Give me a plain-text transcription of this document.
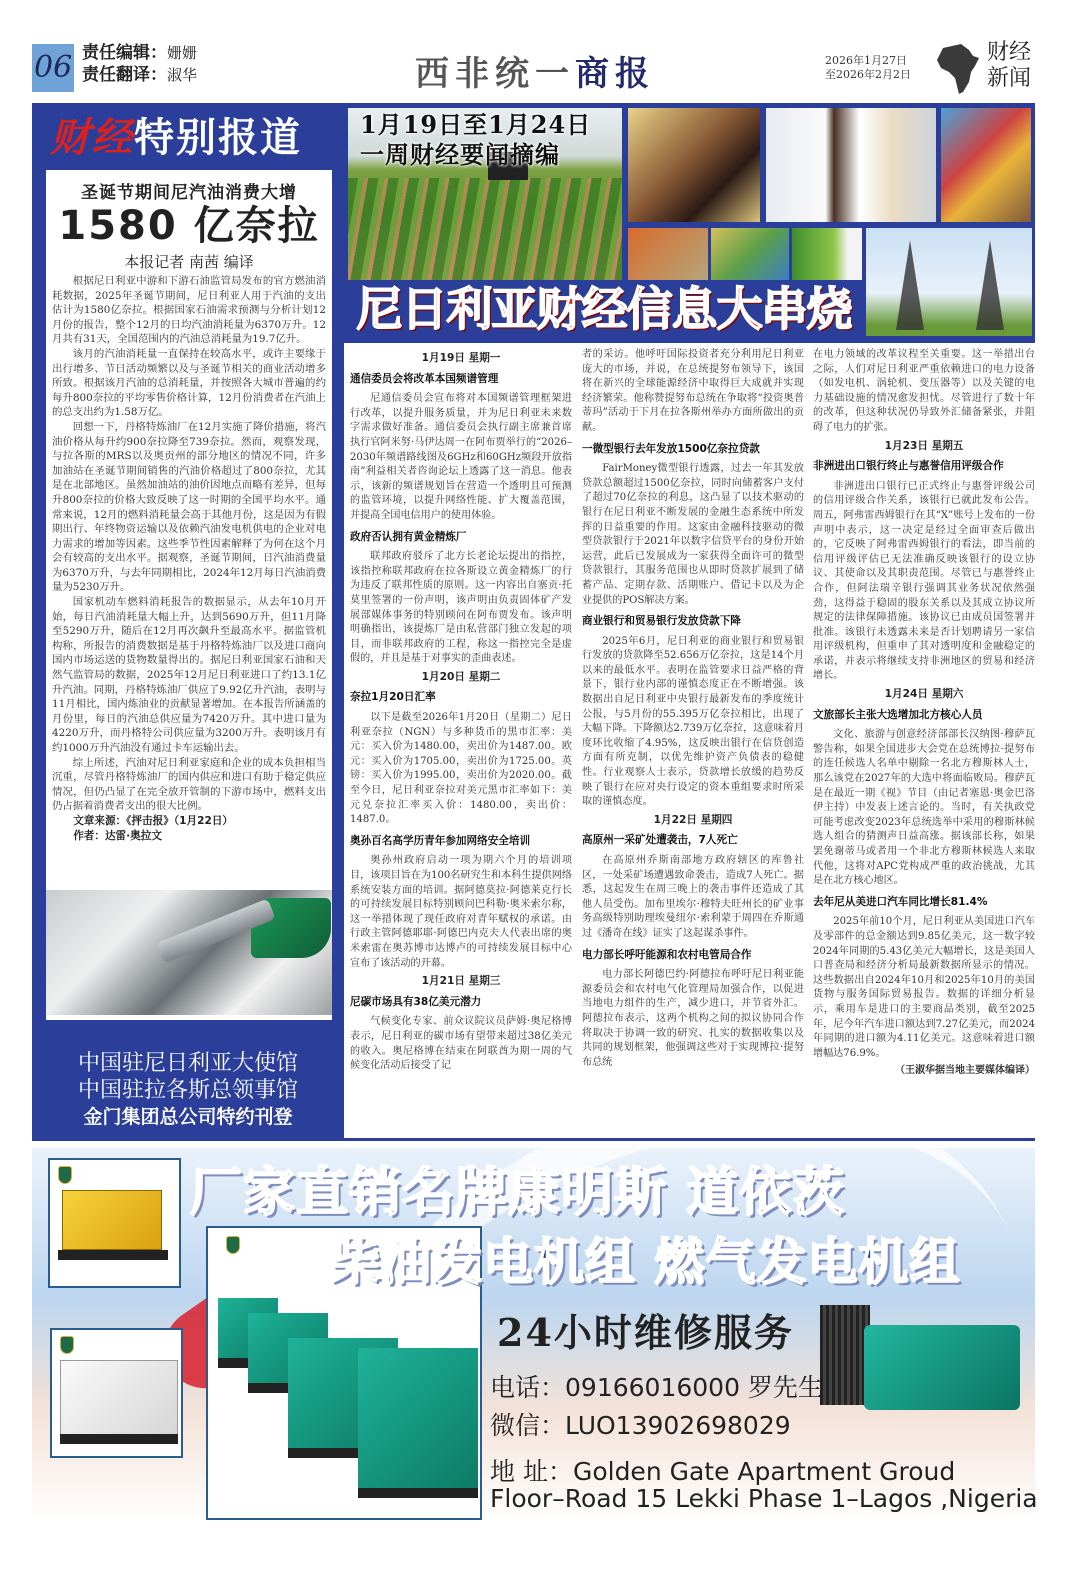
06 责任编辑：姗姗
责任翻译：淑华	西非统一商报	2026年1月27日
至2026年2月2日
财经
新闻
财经特别报道
圣诞节期间尼汽油消费大增
1580 亿奈拉
本报记者 南茜 编译

根据尼日利亚中游和下游石油监管局发布的官方燃油消耗数据，2025年圣诞节期间，尼日利亚人用于汽油的支出估计为1580亿奈拉。根据国家石油需求预测与分析计划12月份的报告，整个12月的日均汽油消耗量为6370万升。12月共有31天，全国范围内的汽油总消耗量为19.7亿升。

该月的汽油消耗量一直保持在较高水平，或许主要缘于出行增多、节日活动频繁以及与圣诞节相关的商业活动增多所致。根据该月汽油的总消耗量，并按照各大城市普遍的约每升800奈拉的平均零售价格计算，12月份消费者在汽油上的总支出约为1.58万亿。

回想一下，丹格特炼油厂在12月实施了降价措施，将汽油价格从每升约900奈拉降至739奈拉。然而，观察发现，与拉各斯的MRS以及奥贡州的部分地区的情况不同，许多加油站在圣诞节期间销售的汽油价格超过了800奈拉，尤其是在北部地区。虽然加油站的油价因地点而略有差异，但每升800奈拉的价格大致反映了这一时期的全国平均水平。通常来说，12月的燃料消耗量会高于其他月份，这是因为有假期出行、年终物资运输以及依赖汽油发电机供电的企业对电力需求的增加等因素。这些季节性因素解释了为何在这个月会有较高的支出水平。据观察，圣诞节期间，日汽油消费量为6370万升，与去年同期相比，2024年12月每日汽油消费量为5230万升。

国家机动车燃料消耗报告的数据显示，从去年10月开始，每日汽油消耗量大幅上升，达到5690万升，但11月降至5290万升，随后在12月再次飙升至最高水平。据监管机构称，所报告的消费数据是基于丹格特炼油厂以及进口商向国内市场运送的货物数量得出的。据尼日利亚国家石油和天然气监管局的数据，2025年12月尼日利亚进口了约13.1亿升汽油。同期，丹格特炼油厂供应了9.92亿升汽油，表明与11月相比，国内炼油业的贡献显著增加。在本报告所涵盖的月份里，每日的汽油总供应量为7420万升。其中进口量为4220万升，而丹格特公司供应量为3200万升。表明该月有约1000万升汽油没有通过卡车运输出去。

综上所述，汽油对尼日利亚家庭和企业的成本负担相当沉重，尽管丹格特炼油厂的国内供应和进口有助于稳定供应情况，但仍凸显了在完全放开管制的下游市场中，燃料支出仍占据着消费者支出的很大比例。

文章来源：《抨击报》（1月22日）
作者：达雷·奥拉文
中国驻尼日利亚大使馆
中国驻拉各斯总领事馆
金门集团总公司特约刊登
1月19日至1月24日
一周财经要闻摘编
尼日利亚财经信息大串烧
1月19日 星期一
通信委员会将改革本国频谱管理

尼通信委员会宣布将对本国频谱管理框架进行改革，以提升服务质量，并为尼日利亚未来数字需求做好准备。通信委员会执行副主席兼首席执行官阿米努·马伊达周一在阿布贾举行的“2026–2030年频谱路线图及6GHz和60GHz频段开放指南”利益相关者咨询论坛上透露了这一消息。他表示，该新的频谱规划旨在营造一个透明且可预测的监管环境，以提升网络性能、扩大覆盖范围，并提高全国电信用户的使用体验。

政府否认拥有黄金精炼厂

联邦政府驳斥了北方长老论坛提出的指控，该指控称联邦政府在拉各斯设立黄金精炼厂的行为违反了联邦性质的原则。这一内容出自塞贡·托莫里签署的一份声明，该声明由负责固体矿产发展部媒体事务的特别顾问在阿布贾发布。该声明明确指出，该提炼厂是由私营部门独立发起的项目，而非联邦政府的工程，称这一指控完全是虚假的，并且是基于对事实的歪曲表述。

1月20日 星期二
奈拉1月20日汇率

以下是截至2026年1月20日（星期二）尼日利亚奈拉（NGN）与多种货币的黑市汇率：美元：买入价为1480.00，卖出价为1487.00。欧元：买入价为1705.00，卖出价为1725.00。英镑：买入价为1995.00，卖出价为2020.00。截至今日，尼日利亚奈拉对美元黑市汇率如下：美元兑奈拉汇率买入价：1480.00，卖出价：1487.0。

奥孙百名高学历青年参加网络安全培训

奥孙州政府启动一项为期六个月的培训项目，该项目旨在为100名研究生和本科生提供网络系统安装方面的培训。据阿德莫拉·阿德莱克行长的可持续发展目标特别顾问巴科勒·奥米索尔称，这一举措体现了现任政府对青年赋权的承诺。由行政主管阿德耶耶·阿德巴内克夫人代表出席的奥米索雷在奥苏博市达博卢的可持续发展目标中心宣布了该活动的开幕。

1月21日 星期三
尼碳市场具有38亿美元潜力

气候变化专家、前众议院议员萨姆·奥尼格博表示，尼日利亚的碳市场有望带来超过38亿美元的收入。奥尼格博在结束在阿联酋为期一周的气候变化活动后接受了记

者的采访。他呼吁国际投资者充分利用尼日利亚庞大的市场，并说，在总统提努布领导下，该国将在新兴的全球能源经济中取得巨大成就并实现经济繁荣。他称赞提努布总统在争取将“投资奥普蒂玛”活动于下月在拉各斯州举办方面所做出的贡献。

一微型银行去年发放1500亿奈拉贷款

FairMoney微型银行透露，过去一年其发放贷款总额超过1500亿奈拉，同时向储蓄客户支付了超过70亿奈拉的利息，这凸显了以技术驱动的银行在尼日利亚不断发展的金融生态系统中所发挥的日益重要的作用。这家由金融科技驱动的微型贷款银行于2021年以数字信贷平台的身份开始运营，此后已发展成为一家获得全面许可的微型贷款银行，其服务范围也从即时贷款扩展到了储蓄产品、定期存款、活期账户、借记卡以及为企业提供的POS解决方案。

商业银行和贸易银行发放贷款下降

2025年6月，尼日利亚的商业银行和贸易银行发放的贷款降至52.656万亿奈拉，这是14个月以来的最低水平。表明在监管要求日益严格的背景下，银行业内部的谨慎态度正在不断增强。该数据出自尼日利亚中央银行最新发布的季度统计公报，与5月份的55.395万亿奈拉相比，出现了大幅下降。下降额达2.739万亿奈拉，这意味着月度环比收缩了4.95%，这反映出银行在信贷创造方面有所克制，以优先维护资产负债表的稳健性。行业观察人士表示，贷款增长放缓的趋势反映了银行在应对央行设定的资本重组要求时所采取的谨慎态度。

1月22日 星期四
高原州一采矿处遭袭击，7人死亡

在高原州乔斯南部地方政府辖区的库鲁社区，一处采矿场遭遇致命袭击，造成7人死亡。据悉，这起发生在周三晚上的袭击事件还造成了其他人员受伤。加布里埃尔·穆特夫旺州长的矿业事务高级特别助理埃曼纽尔·索利蒙于周四在乔斯通过《潘奇在线》证实了这起谋杀事件。

电力部长呼吁能源和农村电管局合作

电力部长阿德巴约·阿德拉布呼吁尼日利亚能源委员会和农村电气化管理局加强合作，以促进当地电力组件的生产，减少进口，并节省外汇。阿德拉布表示，这两个机构之间的拟议协同合作将取决于协调一致的研究、扎实的数据收集以及共同的规划框架，他强调这些对于实现博拉·提努布总统

在电力领域的改革议程至关重要。这一举措出台之际，人们对尼日利亚严重依赖进口的电力设备（如发电机、涡轮机、变压器等）以及关键的电力基础设施的情况愈发担忧。尽管进行了数十年的改革，但这种状况仍导致外汇储备紧张，并阻碍了电力的扩张。

1月23日 星期五
非洲进出口银行终止与惠誉信用评级合作

非洲进出口银行已正式终止与惠誉评级公司的信用评级合作关系，该银行已就此发布公告。周五，阿弗雷西姆银行在其“X”账号上发布的一份声明中表示，这一决定是经过全面审查后做出的，它反映了阿弗雷西姆银行的看法，即当前的信用评级评估已无法准确反映该银行的设立协议、其使命以及其职责范围。尽管已与惠誉终止合作，但阿法瑞辛银行强调其业务状况依然强劲，这得益于稳固的股东关系以及其成立协议所规定的法律保障措施。该协议已由成员国签署并批准。该银行未透露未来是否计划聘请另一家信用评级机构，但重申了其对透明度和金融稳定的承诺，并表示将继续支持非洲地区的贸易和经济增长。

1月24日 星期六
文旅部长主张大选增加北方核心人员

文化、旅游与创意经济部部长汉纳图·穆萨瓦警告称，如果全国进步大会党在总统博拉·提努布的连任候选人名单中剔除一名北方穆斯林人士，那么该党在2027年的大选中将面临败局。穆萨瓦是在最近一期《视》节目（由记者塞恩·奥金巴洛伊主持）中发表上述言论的。当时，有关执政党可能考虑改变2023年总统选举中采用的穆斯林候选人组合的猜测声日益高涨。据该部长称，如果罢免谢蒂马或者用一个非北方穆斯林候选人来取代他，这将对APC党构成严重的政治挑战，尤其是在北方核心地区。

去年尼从美进口汽车同比增长81.4%

2025年前10个月，尼日利亚从美国进口汽车及零部件的总金额达到9.85亿美元，这一数字较2024年同期的5.43亿美元大幅增长，这是美国人口普查局和经济分析局最新数据所显示的情况。这些数据出自2024年10月和2025年10月的美国货物与服务国际贸易报告。数据的详细分析显示，乘用车是进口的主要商品类别，截至2025年，尼今年汽车进口额达到7.27亿美元，而2024年同期的进口额为4.11亿美元。这意味着进口额增幅达76.9%。

（王淑华据当地主要媒体编译）
厂家直销名牌康明斯 道依茨
柴油发电机组 燃气发电机组
24小时维修服务
电话：09166016000 罗先生
微信：LUO13902698029
地 址：Golden Gate Apartment Groud
Floor–Road 15 Lekki Phase 1–Lagos ,Nigeria
